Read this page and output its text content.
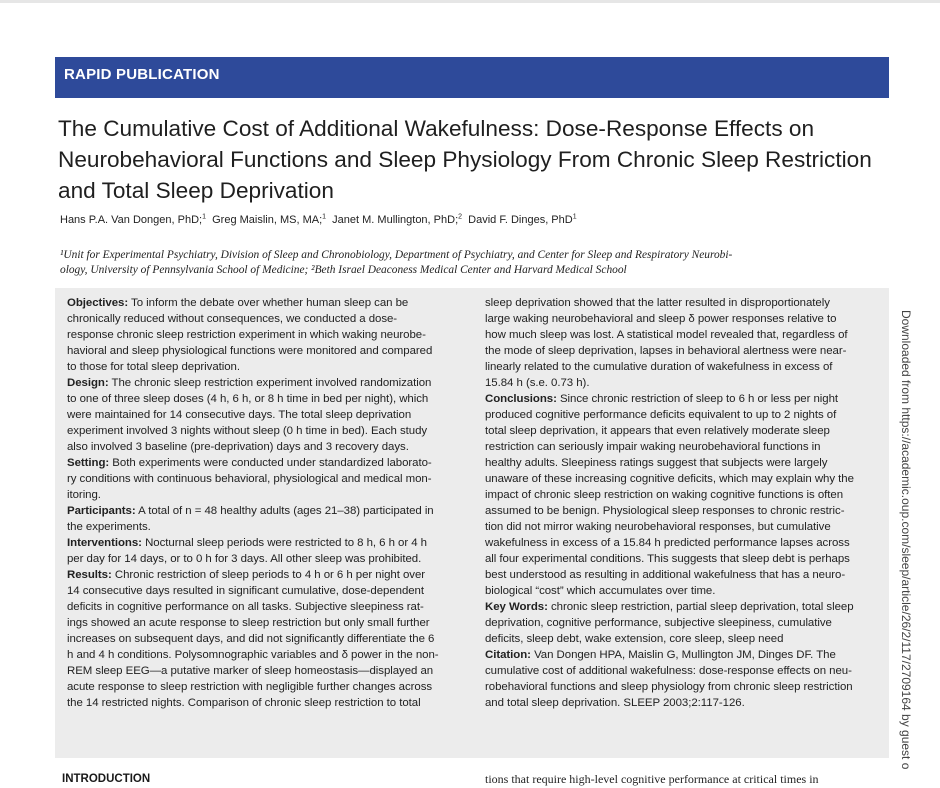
RAPID PUBLICATION
The Cumulative Cost of Additional Wakefulness: Dose-Response Effects on
Neurobehavioral Functions and Sleep Physiology From Chronic Sleep Restriction
and Total Sleep Deprivation
Hans P.A. Van Dongen, PhD;$^1$ Greg Maislin, MS, MA;$^1$ Janet M. Mullington, PhD;$^2$ David F. Dinges, PhD$^1$
¹Unit for Experimental Psychiatry, Division of Sleep and Chronobiology, Department of Psychiatry, and Center for Sleep and Respiratory Neurobi-
ology, University of Pennsylvania School of Medicine; ²Beth Israel Deaconess Medical Center and Harvard Medical School
Objectives: To inform the debate over whether human sleep can be
chronically reduced without consequences, we conducted a dose-
response chronic sleep restriction experiment in which waking neurobe-
havioral and sleep physiological functions were monitored and compared
to those for total sleep deprivation.
Design: The chronic sleep restriction experiment involved randomization
to one of three sleep doses (4 h, 6 h, or 8 h time in bed per night), which
were maintained for 14 consecutive days. The total sleep deprivation
experiment involved 3 nights without sleep (0 h time in bed). Each study
also involved 3 baseline (pre-deprivation) days and 3 recovery days.
Setting: Both experiments were conducted under standardized laborato-
ry conditions with continuous behavioral, physiological and medical mon-
itoring.
Participants: A total of n = 48 healthy adults (ages 21–38) participated in
the experiments.
Interventions: Nocturnal sleep periods were restricted to 8 h, 6 h or 4 h
per day for 14 days, or to 0 h for 3 days. All other sleep was prohibited.
Results: Chronic restriction of sleep periods to 4 h or 6 h per night over
14 consecutive days resulted in significant cumulative, dose-dependent
deficits in cognitive performance on all tasks. Subjective sleepiness rat-
ings showed an acute response to sleep restriction but only small further
increases on subsequent days, and did not significantly differentiate the 6
h and 4 h conditions. Polysomnographic variables and δ power in the non-
REM sleep EEG—a putative marker of sleep homeostasis—displayed an
acute response to sleep restriction with negligible further changes across
the 14 restricted nights. Comparison of chronic sleep restriction to total
sleep deprivation showed that the latter resulted in disproportionately
large waking neurobehavioral and sleep δ power responses relative to
how much sleep was lost. A statistical model revealed that, regardless of
the mode of sleep deprivation, lapses in behavioral alertness were near-
linearly related to the cumulative duration of wakefulness in excess of
15.84 h (s.e. 0.73 h).
Conclusions: Since chronic restriction of sleep to 6 h or less per night
produced cognitive performance deficits equivalent to up to 2 nights of
total sleep deprivation, it appears that even relatively moderate sleep
restriction can seriously impair waking neurobehavioral functions in
healthy adults. Sleepiness ratings suggest that subjects were largely
unaware of these increasing cognitive deficits, which may explain why the
impact of chronic sleep restriction on waking cognitive functions is often
assumed to be benign. Physiological sleep responses to chronic restric-
tion did not mirror waking neurobehavioral responses, but cumulative
wakefulness in excess of a 15.84 h predicted performance lapses across
all four experimental conditions. This suggests that sleep debt is perhaps
best understood as resulting in additional wakefulness that has a neuro-
biological “cost” which accumulates over time.
Key Words: chronic sleep restriction, partial sleep deprivation, total sleep
deprivation, cognitive performance, subjective sleepiness, cumulative
deficits, sleep debt, wake extension, core sleep, sleep need
Citation: Van Dongen HPA, Maislin G, Mullington JM, Dinges DF. The
cumulative cost of additional wakefulness: dose-response effects on neu-
robehavioral functions and sleep physiology from chronic sleep restriction
and total sleep deprivation. SLEEP 2003;2:117-126.
INTRODUCTION	tions that require high-level cognitive performance at critical times in
Downloaded from https://academic.oup.com/sleep/article/26/2/117/2709164 by guest o
